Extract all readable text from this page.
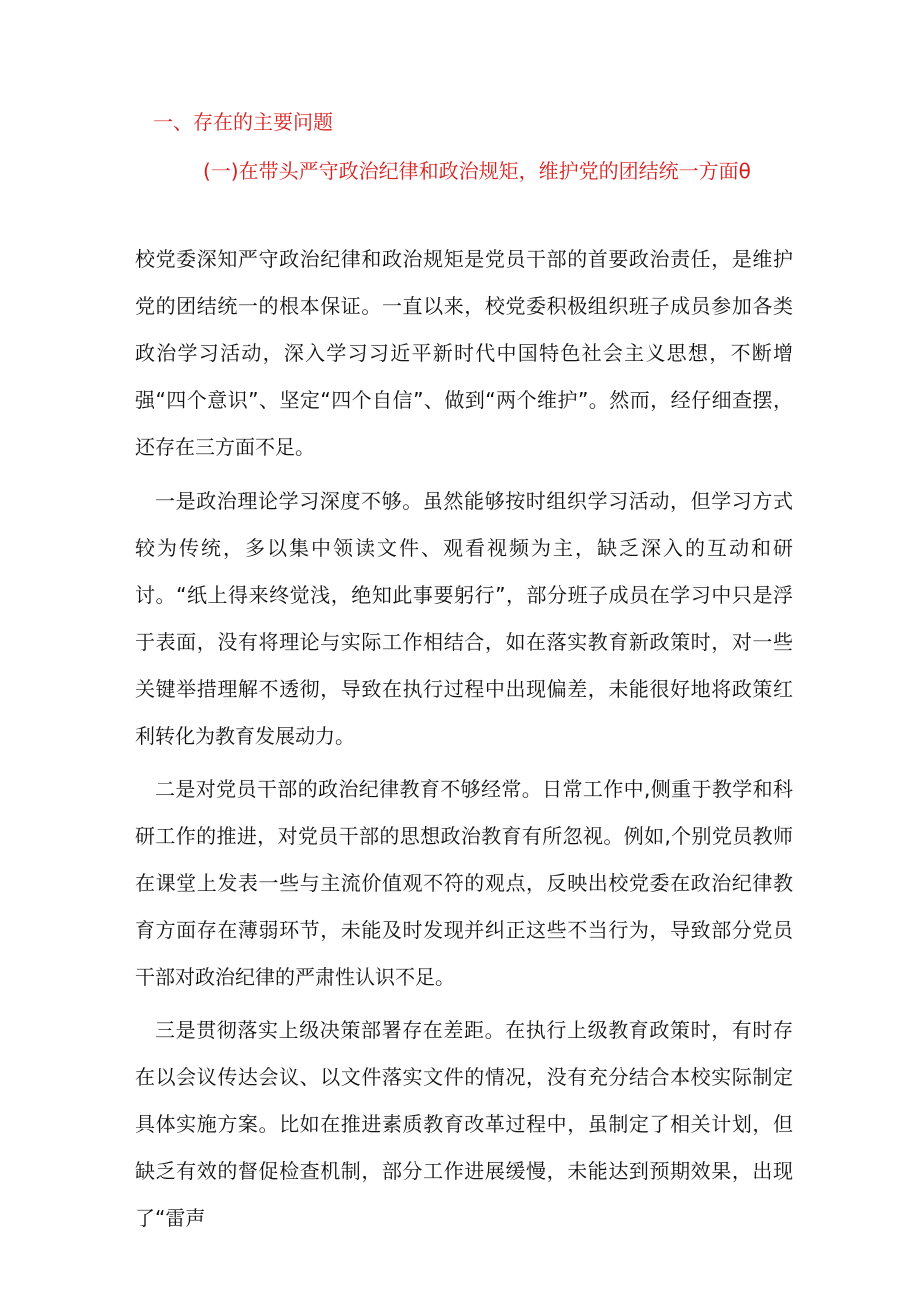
一、存在的主要问题
(一)在带头严守政治纪律和政治规矩，维护党的团结统一方面θ

校党委深知严守政治纪律和政治规矩是党员干部的首要政治责任，是维护党的团结统一的根本保证。一直以来，校党委积极组织班子成员参加各类政治学习活动，深入学习习近平新时代中国特色社会主义思想，不断增强“四个意识”、坚定“四个自信”、做到“两个维护”。然而，经仔细查摆，还存在三方面不足。

一是政治理论学习深度不够。虽然能够按时组织学习活动，但学习方式较为传统，多以集中领读文件、观看视频为主，缺乏深入的互动和研讨。“纸上得来终觉浅，绝知此事要躬行”，部分班子成员在学习中只是浮于表面，没有将理论与实际工作相结合，如在落实教育新政策时，对一些关键举措理解不透彻，导致在执行过程中出现偏差，未能很好地将政策红利转化为教育发展动力。

二是对党员干部的政治纪律教育不够经常。日常工作中,侧重于教学和科研工作的推进，对党员干部的思想政治教育有所忽视。例如,个别党员教师在课堂上发表一些与主流价值观不符的观点，反映出校党委在政治纪律教育方面存在薄弱环节，未能及时发现并纠正这些不当行为，导致部分党员干部对政治纪律的严肃性认识不足。

三是贯彻落实上级决策部署存在差距。在执行上级教育政策时，有时存在以会议传达会议、以文件落实文件的情况，没有充分结合本校实际制定具体实施方案。比如在推进素质教育改革过程中，虽制定了相关计划，但缺乏有效的督促检查机制，部分工作进展缓慢，未能达到预期效果，出现了“雷声
